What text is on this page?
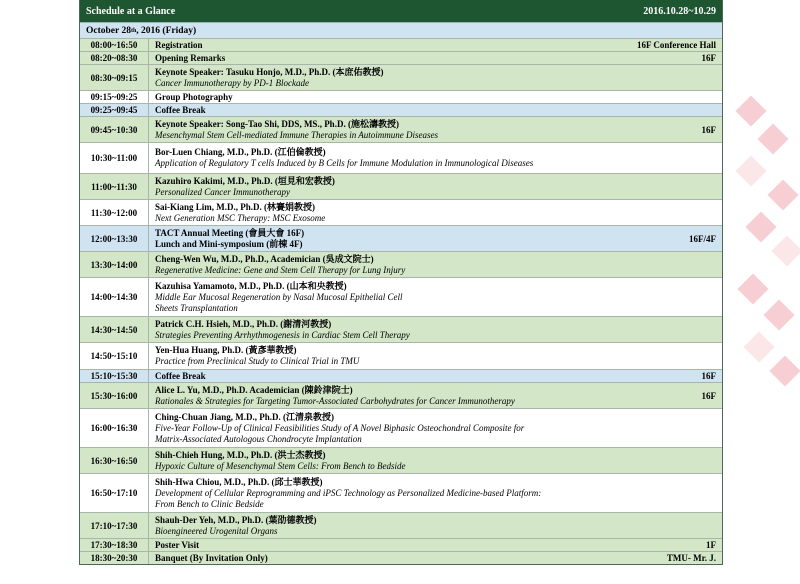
Schedule at a Glance	2016.10.28~10.29
October 28 th , 2016 (Friday)
08:00~16:50	Registration	16F Conference Hall
08:20~08:30	Opening Remarks	16F
08:30~09:15
Keynote Speaker: Tasuku Honjo, M.D., Ph.D. (本庶佑教授)
Cancer Immunotherapy by PD-1 Blockade
09:15~09:25	Group Photography
09:25~09:45	Coffee Break
09:45~10:30
Keynote Speaker: Song-Tao Shi, DDS, MS., Ph.D. (施松濤教授)
Mesenchymal Stem Cell-mediated Immune Therapies in Autoimmune Diseases	16F
10:30~11:00
Bor-Luen Chiang, M.D., Ph.D. (江伯倫教授)
Application of Regulatory T cells Induced by B Cells for Immune Modulation in Immunological Diseases
11:00~11:30
Kazuhiro Kakimi, M.D., Ph.D. (垣見和宏教授)
Personalized Cancer Immunotherapy
11:30~12:00
Sai-Kiang Lim, M.D., Ph.D. (林賽娟教授)
Next Generation MSC Therapy: MSC Exosome
12:00~13:30
TACT Annual Meeting (會員大會 16F)
Lunch and Mini-symposium (前棟 4F)	16F/4F
13:30~14:00
Cheng-Wen Wu, M.D., Ph.D., Academician (吳成文院士)
Regenerative Medicine: Gene and Stem Cell Therapy for Lung Injury
14:00~14:30
Kazuhisa Yamamoto, M.D., Ph.D. (山本和央教授)
Middle Ear Mucosal Regeneration by Nasal Mucosal Epithelial Cell
Sheets Transplantation
14:30~14:50
Patrick C.H. Hsieh, M.D., Ph.D. (謝清河教授)
Strategies Preventing Arrhythmogenesis in Cardiac Stem Cell Therapy
14:50~15:10
Yen-Hua Huang, Ph.D. (黃彥華教授)
Practice from Preclinical Study to Clinical Trial in TMU
15:10~15:30	Coffee Break	16F
15:30~16:00
Alice L. Yu, M.D., Ph.D. Academician (陳鈴津院士)
Rationales & Strategies for Targeting Tumor-Associated Carbohydrates for Cancer Immunotherapy	16F
16:00~16:30
Ching-Chuan Jiang, M.D., Ph.D. (江清泉教授)
Five-Year Follow-Up of Clinical Feasibilities Study of A Novel Biphasic Osteochondral Composite for
Matrix-Associated Autologous Chondrocyte Implantation
16:30~16:50
Shih-Chieh Hung, M.D., Ph.D. (洪士杰教授)
Hypoxic Culture of Mesenchymal Stem Cells: From Bench to Bedside
16:50~17:10
Shih-Hwa Chiou, M.D., Ph.D. (邱士華教授)
Development of Cellular Reprogramming and iPSC Technology as Personalized Medicine-based Platform:
From Bench to Clinic Bedside
17:10~17:30
Shauh-Der Yeh, M.D., Ph.D. (葉劭德教授)
Bioengineered Urogenital Organs
17:30~18:30	Poster Visit	1F
18:30~20:30	Banquet (By Invitation Only)	TMU- Mr. J.
